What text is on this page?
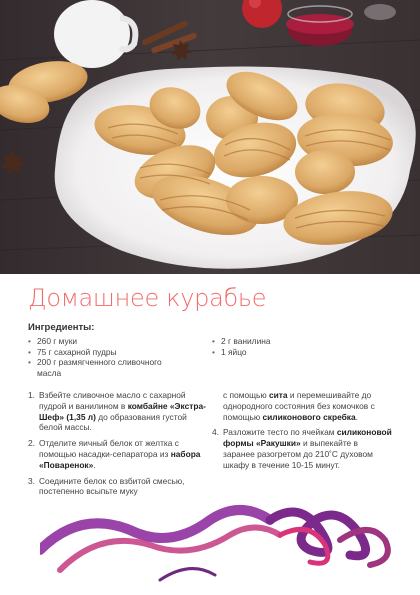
Домашнее курабье
Ингредиенты:
• 260 г муки
• 75 г сахарной пудры
• 200 г размягченного сливочного масла
• 2 г ванилина
• 1 яйцо
1. Взбейте сливочное масло с сахарной пудрой и ванилином в комбайне «Экстра-Шеф» (1,35 л) до образования густой белой массы.
2. Отделите яичный белок от желтка с помощью насадки-сепаратора из набора «Поваренок».
3. Соедините белок со взбитой смесью, постепенно всыпьте муку
с помощью сита и перемешивайте до однородного состояния без комочков с помощью силиконового скребка.
4. Разложите тесто по ячейкам силиконовой формы «Ракушки» и выпекайте в заранее разогретом до 210˚С духовом шкафу в течение 10-15 минут.
